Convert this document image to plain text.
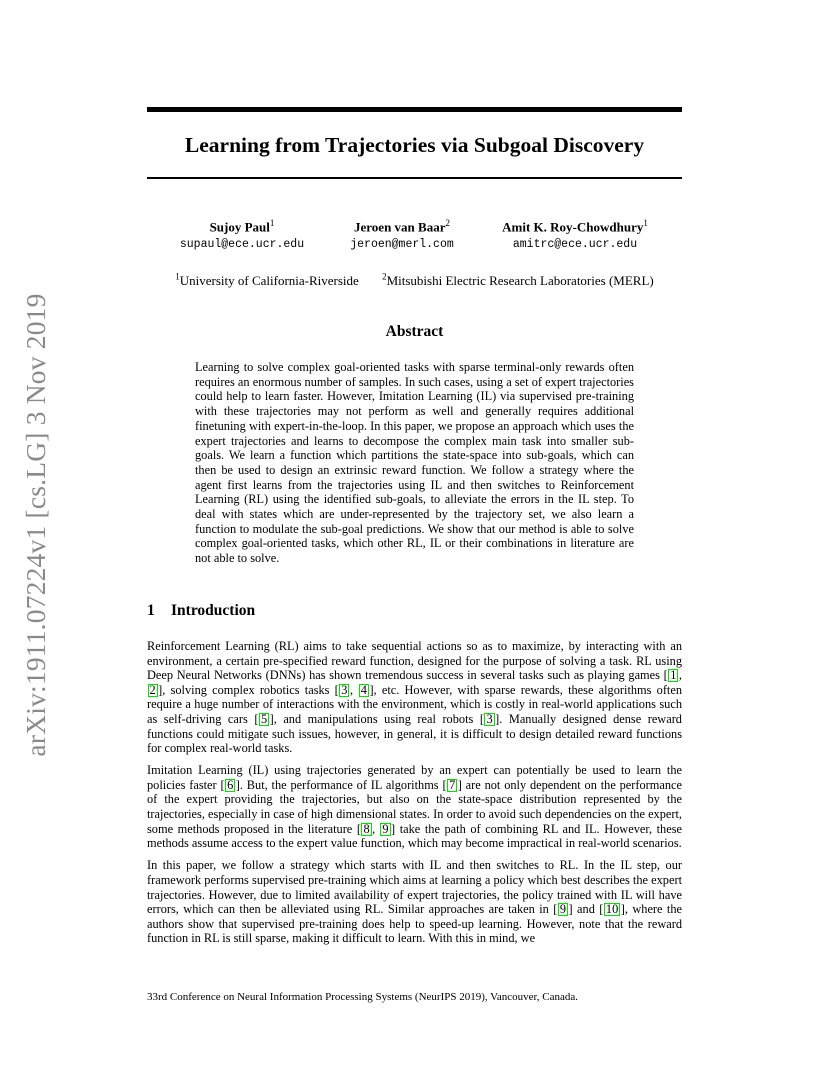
arXiv:1911.07224v1 [cs.LG] 3 Nov 2019
Learning from Trajectories via Subgoal Discovery
Sujoy Paul$^1$
supaul@ece.ucr.edu
Jeroen van Baar$^2$
jeroen@merl.com
Amit K. Roy-Chowdhury$^1$
amitrc@ece.ucr.edu
$^1$University of California-Riverside	$^2$Mitsubishi Electric Research Laboratories (MERL)
Abstract

Learning to solve complex goal-oriented tasks with sparse terminal-only rewards often requires an enormous number of samples. In such cases, using a set of expert trajectories could help to learn faster. However, Imitation Learning (IL) via supervised pre-training with these trajectories may not perform as well and generally requires additional finetuning with expert-in-the-loop. In this paper, we propose an approach which uses the expert trajectories and learns to decompose the complex main task into smaller sub-goals. We learn a function which partitions the state-space into sub-goals, which can then be used to design an extrinsic reward function. We follow a strategy where the agent first learns from the trajectories using IL and then switches to Reinforcement Learning (RL) using the identified sub-goals, to alleviate the errors in the IL step. To deal with states which are under-represented by the trajectory set, we also learn a function to modulate the sub-goal predictions. We show that our method is able to solve complex goal-oriented tasks, which other RL, IL or their combinations in literature are not able to solve.

1 Introduction

Reinforcement Learning (RL) aims to take sequential actions so as to maximize, by interacting with an environment, a certain pre-specified reward function, designed for the purpose of solving a task. RL using Deep Neural Networks (DNNs) has shown tremendous success in several tasks such as playing games [ 1 , 2 ], solving complex robotics tasks [ 3 , 4 ], etc. However, with sparse rewards, these algorithms often require a huge number of interactions with the environment, which is costly in real-world applications such as self-driving cars [ 5 ], and manipulations using real robots [ 3 ]. Manually designed dense reward functions could mitigate such issues, however, in general, it is difficult to design detailed reward functions for complex real-world tasks.

Imitation Learning (IL) using trajectories generated by an expert can potentially be used to learn the policies faster [ 6 ]. But, the performance of IL algorithms [ 7 ] are not only dependent on the performance of the expert providing the trajectories, but also on the state-space distribution represented by the trajectories, especially in case of high dimensional states. In order to avoid such dependencies on the expert, some methods proposed in the literature [ 8 , 9 ] take the path of combining RL and IL. However, these methods assume access to the expert value function, which may become impractical in real-world scenarios.

In this paper, we follow a strategy which starts with IL and then switches to RL. In the IL step, our framework performs supervised pre-training which aims at learning a policy which best describes the expert trajectories. However, due to limited availability of expert trajectories, the policy trained with IL will have errors, which can then be alleviated using RL. Similar approaches are taken in [ 9 ] and [ 10 ], where the authors show that supervised pre-training does help to speed-up learning. However, note that the reward function in RL is still sparse, making it difficult to learn. With this in mind, we

33rd Conference on Neural Information Processing Systems (NeurIPS 2019), Vancouver, Canada.
